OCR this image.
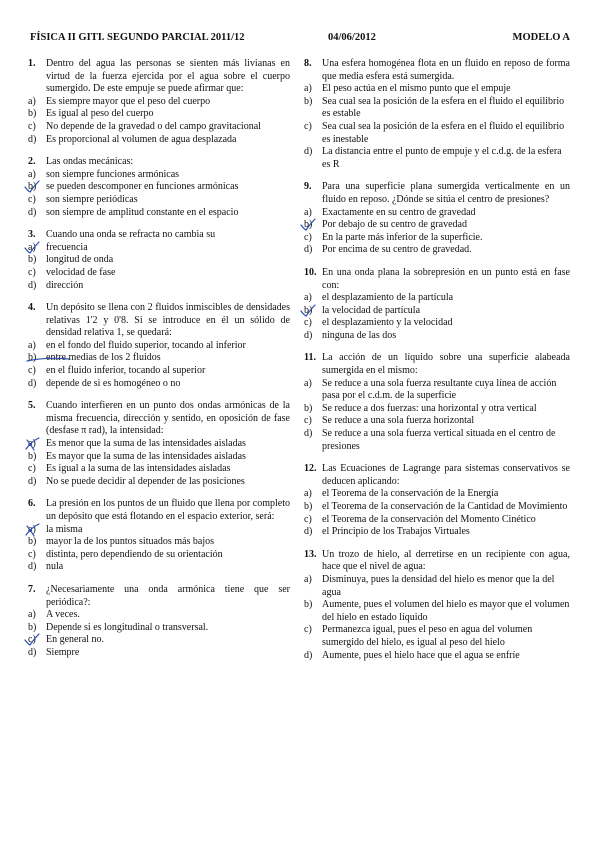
FÍSICA II GITI. SEGUNDO PARCIAL 2011/12	04/06/2012	MODELO A
1.	Dentro del agua las personas se sienten más livianas en virtud de la fuerza ejercida por el agua sobre el cuerpo sumergido. De este empuje se puede afirmar que:
a)	Es siempre mayor que el peso del cuerpo
b) Es igual al peso del cuerpo
c)	No depende de la gravedad o del campo gravitacional
d) Es proporcional al volumen de agua desplazada
2.	Las ondas mecánicas:
a)	son siempre funciones armónicas
b) se pueden descomponer en funciones armónicas
c)	son siempre periódicas
d) son siempre de amplitud constante en el espacio
3.	Cuando una onda se refracta no cambia su
a)	frecuencia
b) longitud de onda
c)	velocidad de fase
d) dirección
4.	Un depósito se llena con 2 fluidos inmiscibles de densidades relativas 1'2 y 0'8. Si se introduce en él un sólido de densidad relativa 1, se quedará:
a)	en el fondo del fluido superior, tocando al inferior
b) entre medias de los 2 fluidos
c)	en el fluido inferior, tocando al superior
d) depende de si es homogéneo o no
5.	Cuando interfieren en un punto dos ondas armónicas de la misma frecuencia, dirección y sentido, en oposición de fase (desfase π rad), la intensidad:
a)	Es menor que la suma de las intensidades aisladas
b) Es mayor que la suma de las intensidades aisladas
c)	Es igual a la suma de las intensidades aisladas
d) No se puede decidir al depender de las posiciones
6.	La presión en los puntos de un fluido que llena por completo un depósito que está flotando en el espacio exterior, será:
a)	la misma
b) mayor la de los puntos situados más bajos
c)	distinta, pero dependiendo de su orientación
d) nula
7.	¿Necesariamente una onda armónica tiene que ser periódica?:
a)	A veces.
b) Depende si es longitudinal o transversal.
c)	En general no.
d) Siempre
8.	Una esfera homogénea flota en un fluido en reposo de forma que media esfera está sumergida.
a)	El peso actúa en el mismo punto que el empuje
b) Sea cual sea la posición de la esfera en el fluido el equilibrio es estable
c)	Sea cual sea la posición de la esfera en el fluido el equilibrio es inestable
d) La distancia entre el punto de empuje y el c.d.g. de la esfera es R
9.	Para una superficie plana sumergida verticalmente en un fluido en reposo. ¿Dónde se sitúa el centro de presiones?
a)	Exactamente en su centro de gravedad
b) Por debajo de su centro de gravedad
c)	En la parte más inferior de la superficie.
d) Por encima de su centro de gravedad.
10. En una onda plana la sobrepresión en un punto está en fase con:
a)	el desplazamiento de la partícula
b) la velocidad de partícula
c)	el desplazamiento y la velocidad
d) ninguna de las dos
11. La acción de un líquido sobre una superficie alabeada sumergida en el mismo:
a)	Se reduce a una sola fuerza resultante cuya línea de acción pasa por el c.d.m. de la superficie
b) Se reduce a dos fuerzas: una horizontal y otra vertical
c)	Se reduce a una sola fuerza horizontal
d) Se reduce a una sola fuerza vertical situada en el centro de presiones
12. Las Ecuaciones de Lagrange para sistemas conservativos se deducen aplicando:
a)	el Teorema de la conservación de la Energía
b) el Teorema de la conservación de la Cantidad de Movimiento
c)	el Teorema de la conservación del Momento Cinético
d) el Principio de los Trabajos Virtuales
13. Un trozo de hielo, al derretirse en un recipiente con agua, hace que el nivel de agua:
a)	Disminuya, pues la densidad del hielo es menor que la del agua
b) Aumente, pues el volumen del hielo es mayor que el volumen del hielo en estado líquido
c)	Permanezca igual, pues el peso en agua del volumen sumergido del hielo, es igual al peso del hielo
d) Aumente, pues el hielo hace que el agua se enfríe
